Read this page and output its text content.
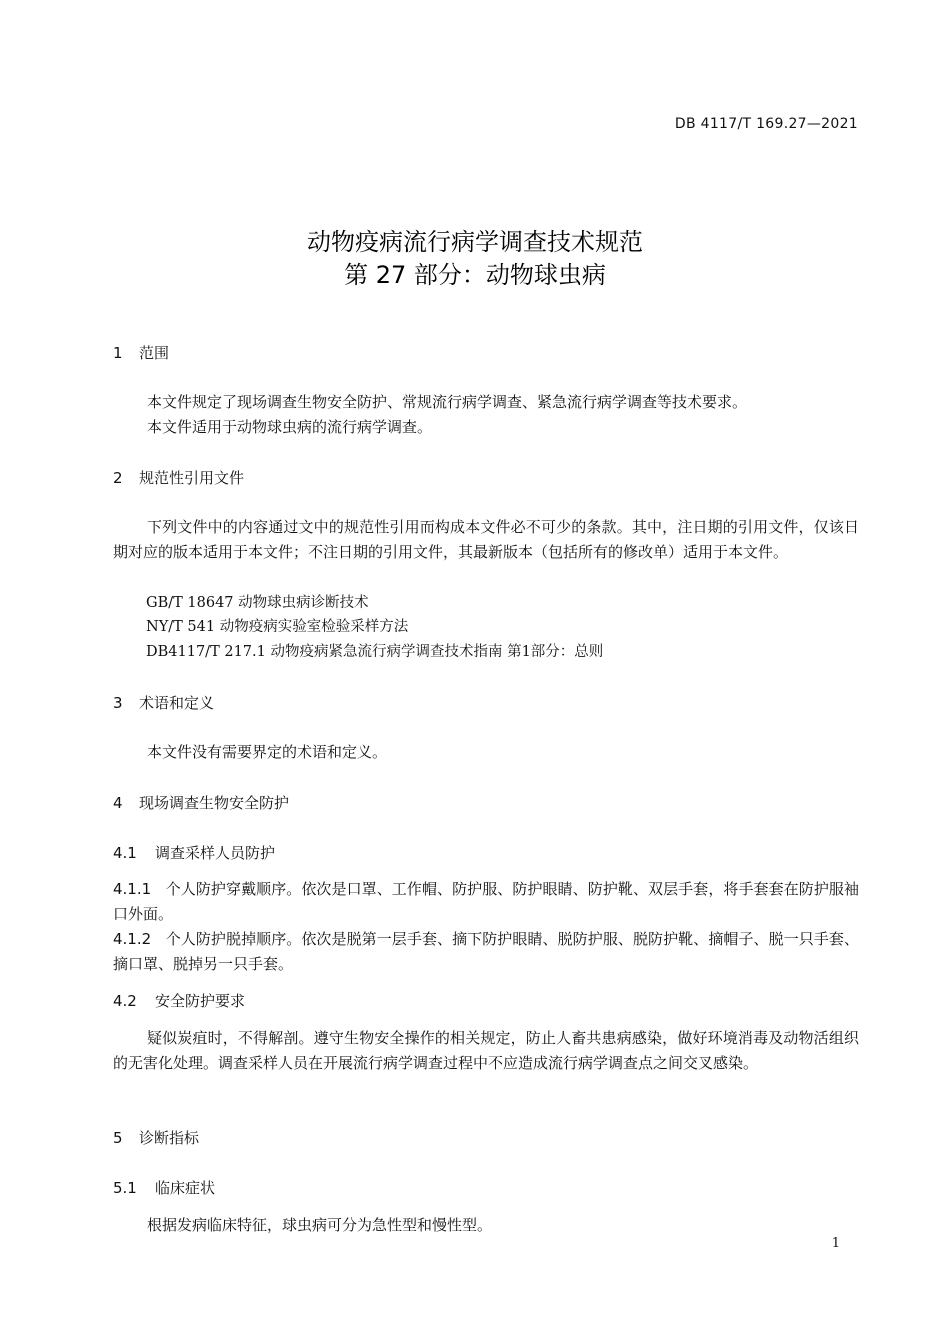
DB 4117/T 169.27—2021
动物疫病流行病学调查技术规范
第 27 部分：动物球虫病
1 范围
本文件规定了现场调查生物安全防护、常规流行病学调查、紧急流行病学调查等技术要求。
本文件适用于动物球虫病的流行病学调查。
2 规范性引用文件
下列文件中的内容通过文中的规范性引用而构成本文件必不可少的条款。其中，注日期的引用文件，仅该日期对应的版本适用于本文件；不注日期的引用文件，其最新版本（包括所有的修改单）适用于本文件。
GB/T 18647 动物球虫病诊断技术
NY/T 541 动物疫病实验室检验采样方法
DB4117/T 217.1 动物疫病紧急流行病学调查技术指南 第1部分：总则
3 术语和定义
本文件没有需要界定的术语和定义。
4 现场调查生物安全防护
4.1 调查采样人员防护
4.1.1 个人防护穿戴顺序。依次是口罩、工作帽、防护服、防护眼睛、防护靴、双层手套，将手套套在防护服袖口外面。
4.1.2 个人防护脱掉顺序。依次是脱第一层手套、摘下防护眼睛、脱防护服、脱防护靴、摘帽子、脱一只手套、摘口罩、脱掉另一只手套。
4.2 安全防护要求
疑似炭疽时，不得解剖。遵守生物安全操作的相关规定，防止人畜共患病感染，做好环境消毒及动物活组织的无害化处理。调查采样人员在开展流行病学调查过程中不应造成流行病学调查点之间交叉感染。
5 诊断指标
5.1 临床症状
根据发病临床特征，球虫病可分为急性型和慢性型。
1
